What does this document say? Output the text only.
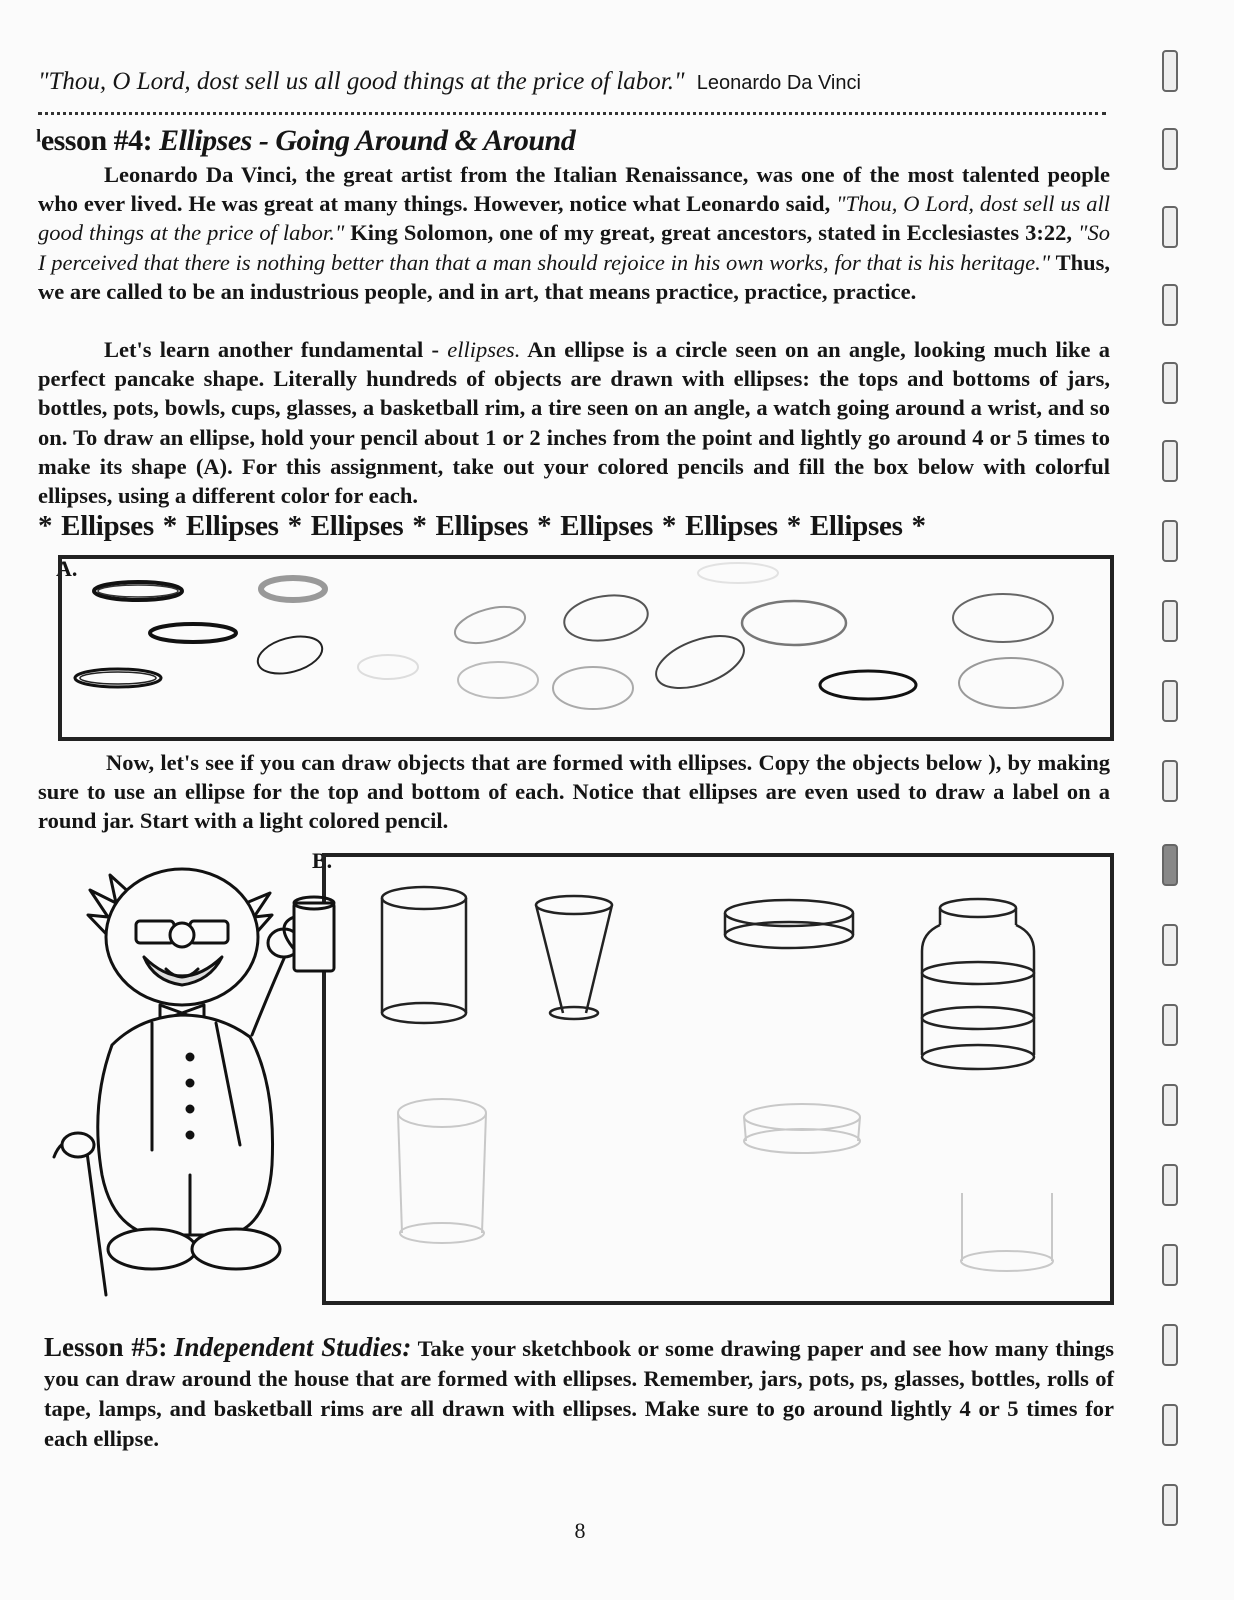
"Thou, O Lord, dost sell us all good things at the price of labor." Leonardo Da Vinci
ˡesson #4: Ellipses - Going Around & Around
Leonardo Da Vinci, the great artist from the Italian Renaissance, was one of the most talented people who ever lived. He was great at many things. However, notice what Leonardo said, "Thou, O Lord, dost sell us all good things at the price of labor." King Solomon, one of my great, great ancestors, stated in Ecclesiastes 3:22, "So I perceived that there is nothing better than that a man should rejoice in his own works, for that is his heritage." Thus, we are called to be an industrious people, and in art, that means practice, practice, practice.
Let's learn another fundamental - ellipses. An ellipse is a circle seen on an angle, looking much like a perfect pancake shape. Literally hundreds of objects are drawn with ellipses: the tops and bottoms of jars, bottles, pots, bowls, cups, glasses, a basketball rim, a tire seen on an angle, a watch going around a wrist, and so on. To draw an ellipse, hold your pencil about 1 or 2 inches from the point and lightly go around 4 or 5 times to make its shape (A). For this assignment, take out your colored pencils and fill the box below with colorful ellipses, using a different color for each.
* Ellipses * Ellipses * Ellipses * Ellipses * Ellipses * Ellipses * Ellipses *
A.
Now, let's see if you can draw objects that are formed with ellipses. Copy the objects below ), by making sure to use an ellipse for the top and bottom of each. Notice that ellipses are even used to draw a label on a round jar. Start with a light colored pencil.
B.
Lesson #5: Independent Studies: Take your sketchbook or some drawing paper and see how many things you can draw around the house that are formed with ellipses. Remember, jars, pots, ps, glasses, bottles, rolls of tape, lamps, and basketball rims are all drawn with ellipses. Make sure to go around lightly 4 or 5 times for each ellipse.
8
